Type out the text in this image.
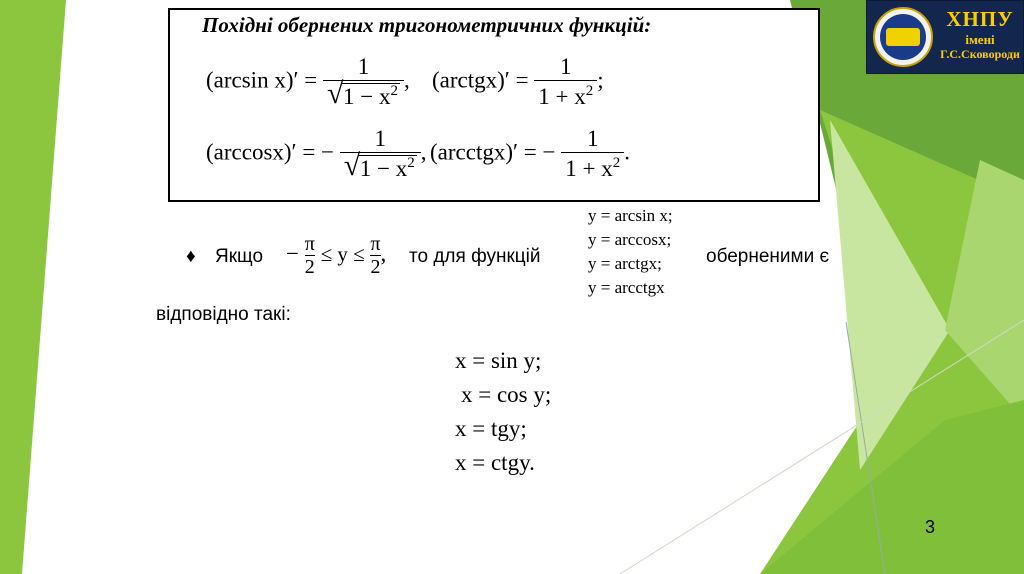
ХНПУ
імені
Г.С.Сковороди
Похідні обернених тригонометричних функцій:
(arcsin $x)' = \frac{1}{√ 1 - x^2}$ , (arctgx)′ = $\frac{1}{1 + x^2}$ ;
(arccosx)′ = − $\frac{1}{√ 1 - x^2}$ , (arcctgx)′ = − $\frac{1}{1 + x^2}$ .
♦ Якщо − $\frac{\pi}{2} \le y \le \frac{\pi}{2}$ , то для функцій
y = arcsin x;
y = arccosx;
y = arctgx;
y = arcctgx
оберненими є
відповідно такі:
x = sin y;
x = cos y;
x = tgy;
x = ctgy.
3
